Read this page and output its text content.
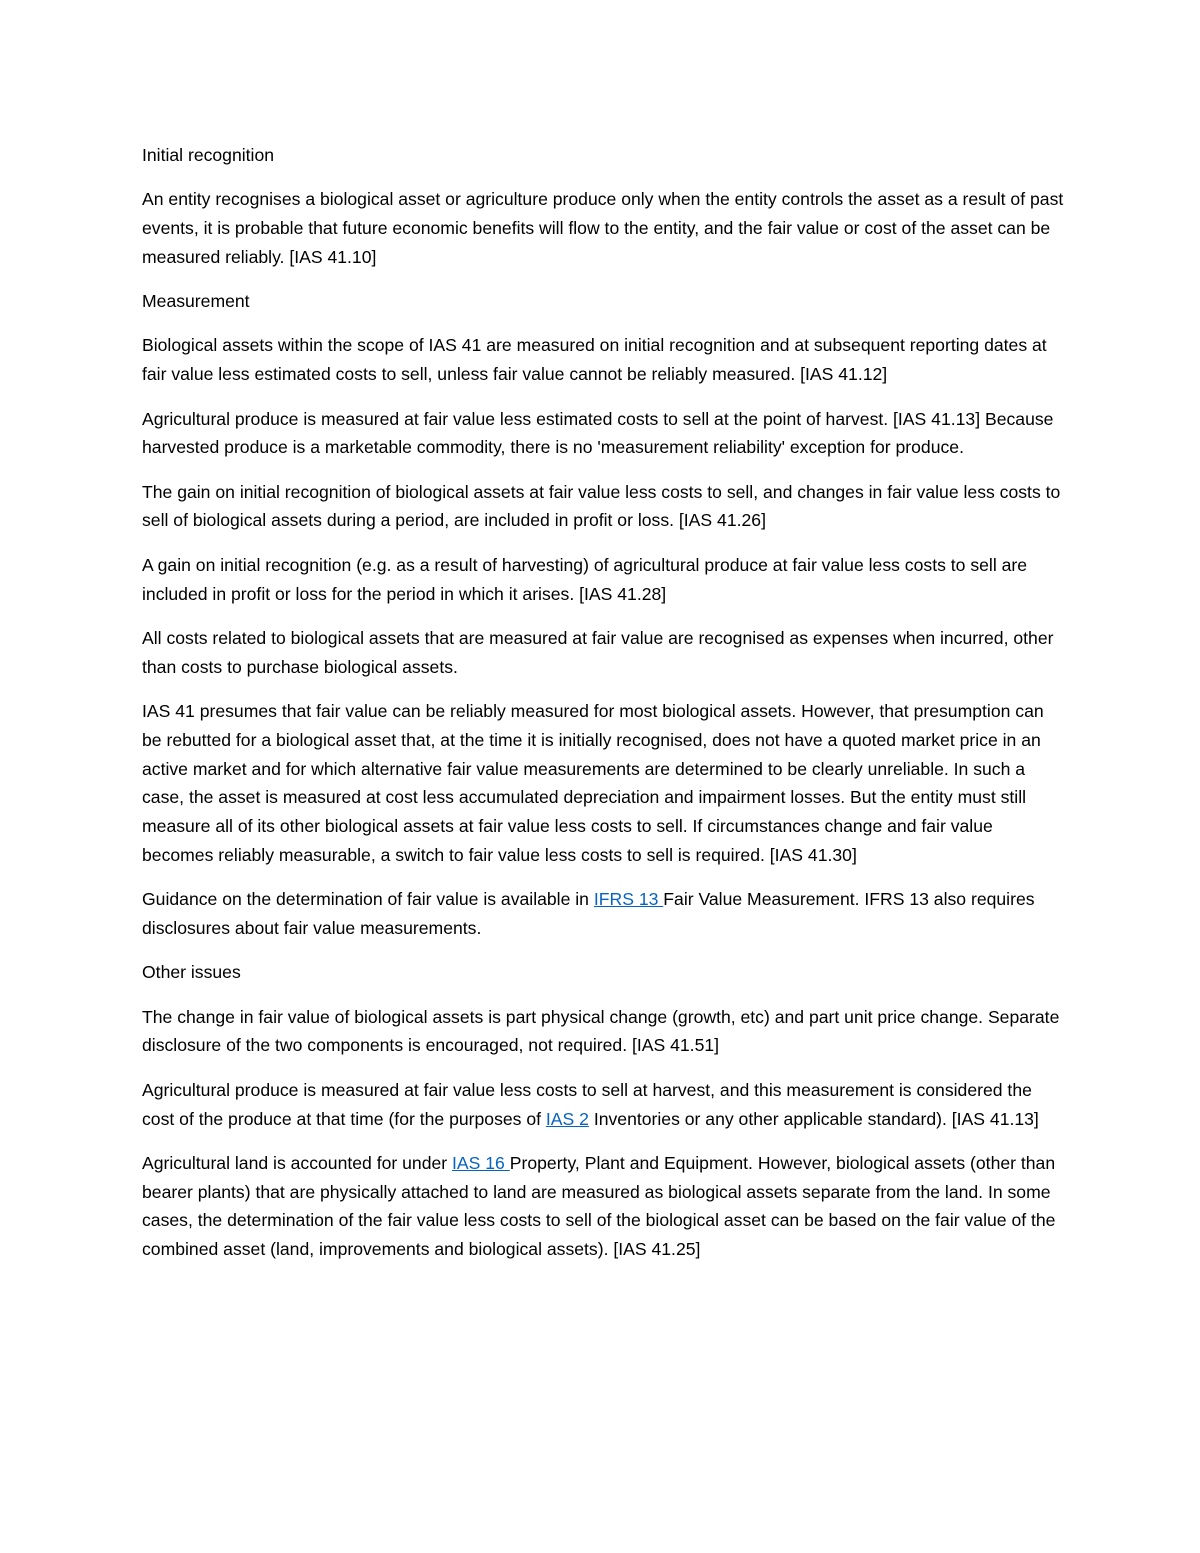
Initial recognition

An entity recognises a biological asset or agriculture produce only when the entity controls the asset as a result of past events, it is probable that future economic benefits will flow to the entity, and the fair value or cost of the asset can be measured reliably. [IAS 41.10]

Measurement

Biological assets within the scope of IAS 41 are measured on initial recognition and at subsequent reporting dates at fair value less estimated costs to sell, unless fair value cannot be reliably measured. [IAS 41.12]

Agricultural produce is measured at fair value less estimated costs to sell at the point of harvest. [IAS 41.13] Because harvested produce is a marketable commodity, there is no 'measurement reliability' exception for produce.

The gain on initial recognition of biological assets at fair value less costs to sell, and changes in fair value less costs to sell of biological assets during a period, are included in profit or loss. [IAS 41.26]

A gain on initial recognition (e.g. as a result of harvesting) of agricultural produce at fair value less costs to sell are included in profit or loss for the period in which it arises. [IAS 41.28]

All costs related to biological assets that are measured at fair value are recognised as expenses when incurred, other than costs to purchase biological assets.

IAS 41 presumes that fair value can be reliably measured for most biological assets. However, that presumption can be rebutted for a biological asset that, at the time it is initially recognised, does not have a quoted market price in an active market and for which alternative fair value measurements are determined to be clearly unreliable. In such a case, the asset is measured at cost less accumulated depreciation and impairment losses. But the entity must still measure all of its other biological assets at fair value less costs to sell. If circumstances change and fair value becomes reliably measurable, a switch to fair value less costs to sell is required. [IAS 41.30]

Guidance on the determination of fair value is available in IFRS 13 Fair Value Measurement. IFRS 13 also requires disclosures about fair value measurements.

Other issues

The change in fair value of biological assets is part physical change (growth, etc) and part unit price change. Separate disclosure of the two components is encouraged, not required. [IAS 41.51]

Agricultural produce is measured at fair value less costs to sell at harvest, and this measurement is considered the cost of the produce at that time (for the purposes of IAS 2 Inventories or any other applicable standard). [IAS 41.13]

Agricultural land is accounted for under IAS 16 Property, Plant and Equipment. However, biological assets (other than bearer plants) that are physically attached to land are measured as biological assets separate from the land. In some cases, the determination of the fair value less costs to sell of the biological asset can be based on the fair value of the combined asset (land, improvements and biological assets). [IAS 41.25]
